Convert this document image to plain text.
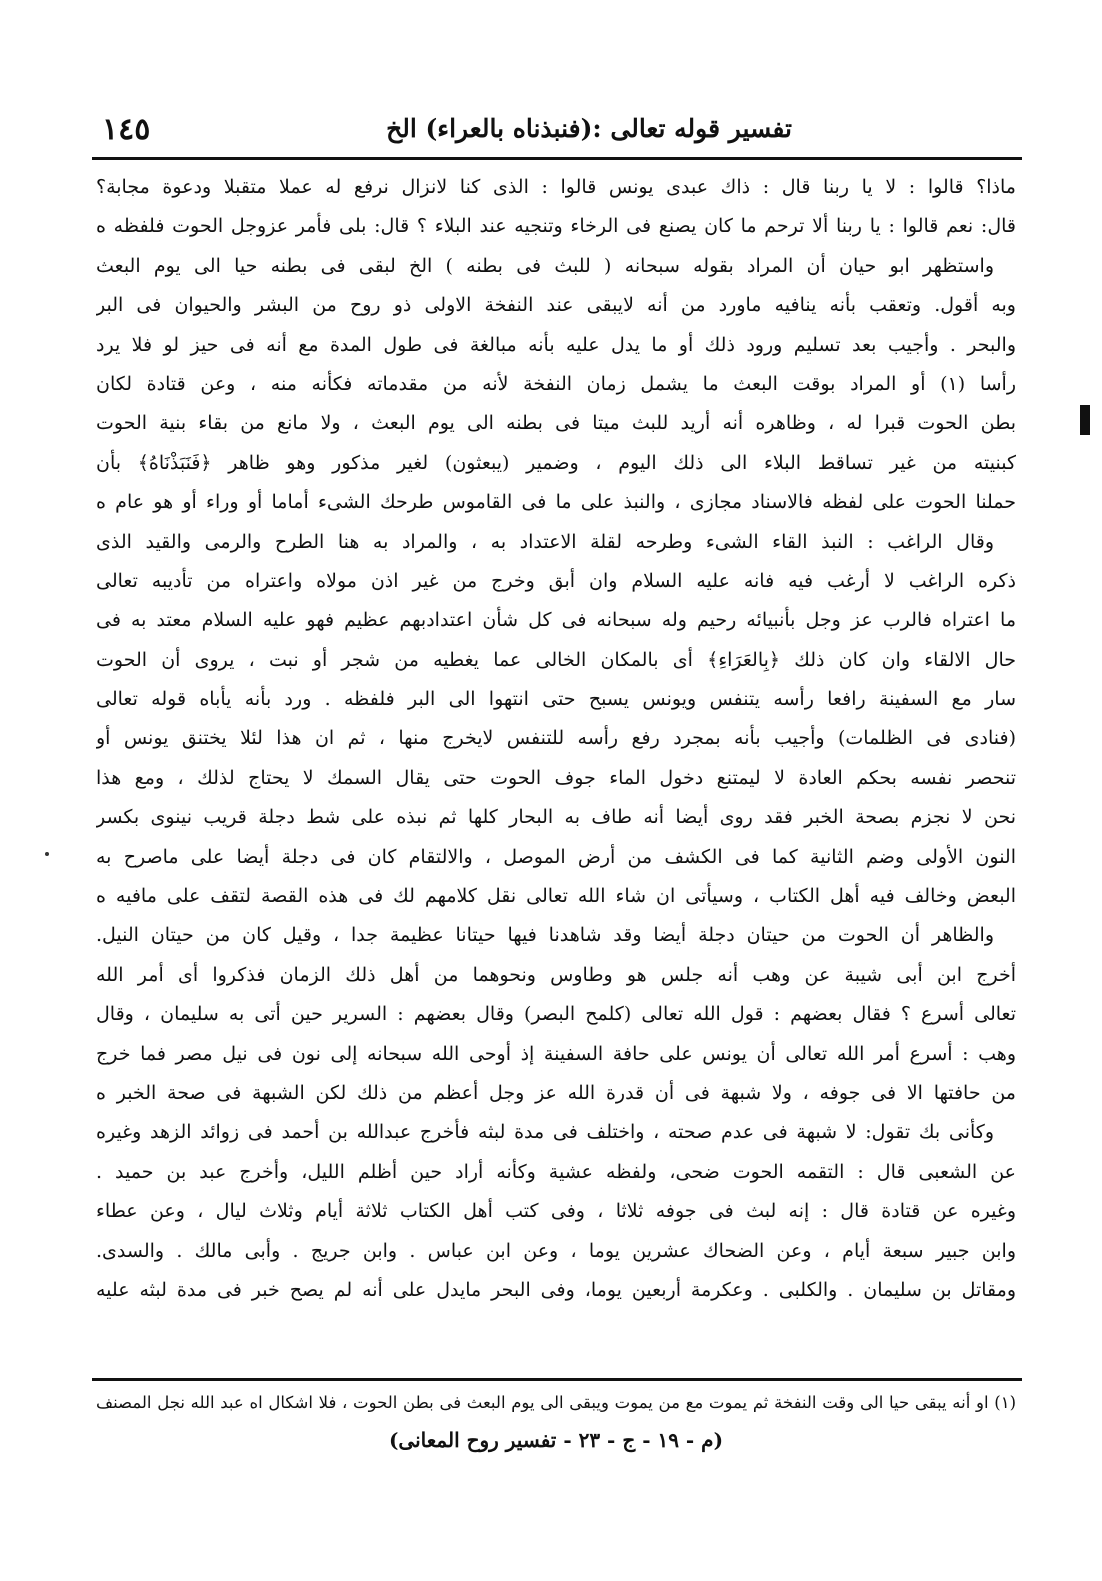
تفسير قوله تعالى :(فنبذناه بالعراء) الخ
١٤٥
ماذا؟ قالوا : لا يا ربنا قال : ذاك عبدى يونس قالوا : الذى كنا لانزال نرفع له عملا متقبلا ودعوة مجابة؟
قال: نعم قالوا : يا ربنا ألا ترحم ما كان يصنع فى الرخاء وتنجيه عند البلاء ؟ قال: بلى فأمر عزوجل الحوت فلفظه ه
واستظهر ابو حيان أن المراد بقوله سبحانه ( للبث فى بطنه ) الخ لبقى فى بطنه حيا الى يوم البعث
وبه أقول. وتعقب بأنه ينافيه ماورد من أنه لايبقى عند النفخة الاولى ذو روح من البشر والحيوان فى البر
والبحر . وأجيب بعد تسليم ورود ذلك أو ما يدل عليه بأنه مبالغة فى طول المدة مع أنه فى حيز لو فلا يرد
رأسا (١) أو المراد بوقت البعث ما يشمل زمان النفخة لأنه من مقدماته فكأنه منه ، وعن قتادة لكان
بطن الحوت قبرا له ، وظاهره أنه أريد للبث ميتا فى بطنه الى يوم البعث ، ولا مانع من بقاء بنية الحوت
كبنيته من غير تساقط البلاء الى ذلك اليوم ، وضمير (يبعثون) لغير مذكور وهو ظاهر ﴿فَنَبَذْنَاهُ﴾ بأن
حملنا الحوت على لفظه فالاسناد مجازى ، والنبذ على ما فى القاموس طرحك الشىء أماما أو وراء أو هو عام ه
وقال الراغب : النبذ القاء الشىء وطرحه لقلة الاعتداد به ، والمراد به هنا الطرح والرمى والقيد الذى
ذكره الراغب لا أرغب فيه فانه عليه السلام وان أبق وخرج من غير اذن مولاه واعتراه من تأديبه تعالى
ما اعتراه فالرب عز وجل بأنبيائه رحيم وله سبحانه فى كل شأن اعتدادبهم عظيم فهو عليه السلام معتد به فى
حال الالقاء وان كان ذلك ﴿بِالعَرَاءِ﴾ أى بالمكان الخالى عما يغطيه من شجر أو نبت ، يروى أن الحوت
سار مع السفينة رافعا رأسه يتنفس ويونس يسبح حتى انتهوا الى البر فلفظه . ورد بأنه يأباه قوله تعالى
(فنادى فى الظلمات) وأجيب بأنه بمجرد رفع رأسه للتنفس لايخرج منها ، ثم ان هذا لئلا يختنق يونس أو
تنحصر نفسه بحكم العادة لا ليمتنع دخول الماء جوف الحوت حتى يقال السمك لا يحتاج لذلك ، ومع هذا
نحن لا نجزم بصحة الخبر فقد روى أيضا أنه طاف به البحار كلها ثم نبذه على شط دجلة قريب نينوى بكسر
النون الأولى وضم الثانية كما فى الكشف من أرض الموصل ، والالتقام كان فى دجلة أيضا على ماصرح به
البعض وخالف فيه أهل الكتاب ، وسيأتى ان شاء الله تعالى نقل كلامهم لك فى هذه القصة لتقف على مافيه ه
والظاهر أن الحوت من حيتان دجلة أيضا وقد شاهدنا فيها حيتانا عظيمة جدا ، وقيل كان من حيتان النيل.
أخرج ابن أبى شيبة عن وهب أنه جلس هو وطاوس ونحوهما من أهل ذلك الزمان فذكروا أى أمر الله
تعالى أسرع ؟ فقال بعضهم : قول الله تعالى (كلمح البصر) وقال بعضهم : السرير حين أتى به سليمان ، وقال
وهب : أسرع أمر الله تعالى أن يونس على حافة السفينة إذ أوحى الله سبحانه إلى نون فى نيل مصر فما خرج
من حافتها الا فى جوفه ، ولا شبهة فى أن قدرة الله عز وجل أعظم من ذلك لكن الشبهة فى صحة الخبر ه
وكأنى بك تقول: لا شبهة فى عدم صحته ، واختلف فى مدة لبثه فأخرج عبدالله بن أحمد فى زوائد الزهد وغيره
عن الشعبى قال : التقمه الحوت ضحى، ولفظه عشية وكأنه أراد حين أظلم الليل، وأخرج عبد بن حميد .
وغيره عن قتادة قال : إنه لبث فى جوفه ثلاثا ، وفى كتب أهل الكتاب ثلاثة أيام وثلاث ليال ، وعن عطاء
وابن جبير سبعة أيام ، وعن الضحاك عشرين يوما ، وعن ابن عباس . وابن جريج . وأبى مالك . والسدى.
ومقاتل بن سليمان . والكلبى . وعكرمة أربعين يوما، وفى البحر مايدل على أنه لم يصح خبر فى مدة لبثه عليه
(١) او أنه يبقى حيا الى وقت النفخة ثم يموت مع من يموت ويبقى الى يوم البعث فى بطن الحوت ، فلا اشكال اه عبد الله نجل المصنف
(م - ١٩ - ج - ٢٣ - تفسير روح المعانى)
